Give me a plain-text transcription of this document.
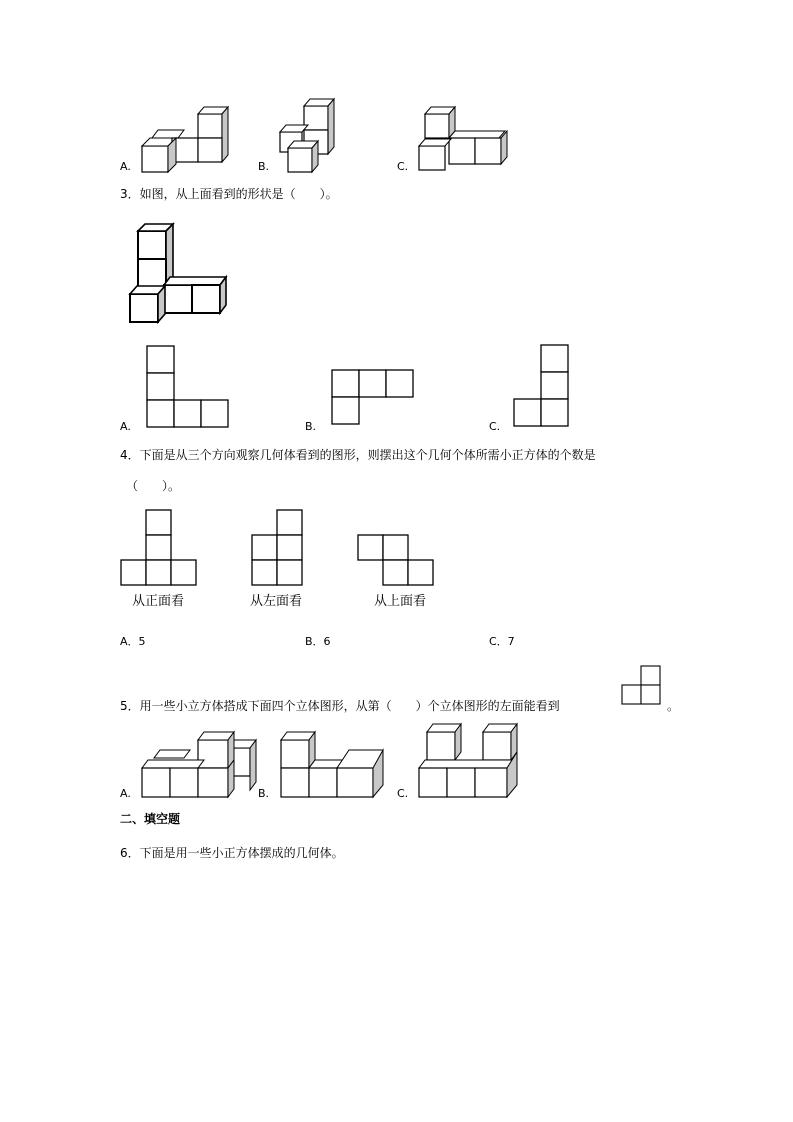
A.	B.	C.
3．如图，从上面看到的形状是（　　）。
A.	B.	C.
4．下面是从三个方向观察几何体看到的图形，则摆出这个几何个体所需小正方体的个数是
（　　）。
从正面看	从左面看	从上面看
A．5	B．6	C．7
5．用一些小立方体搭成下面四个立体图形，从第（　　）个立体图形的左面能看到	。
A.	B.	C.
二、填空题
6．下面是用一些小正方体摆成的几何体。
